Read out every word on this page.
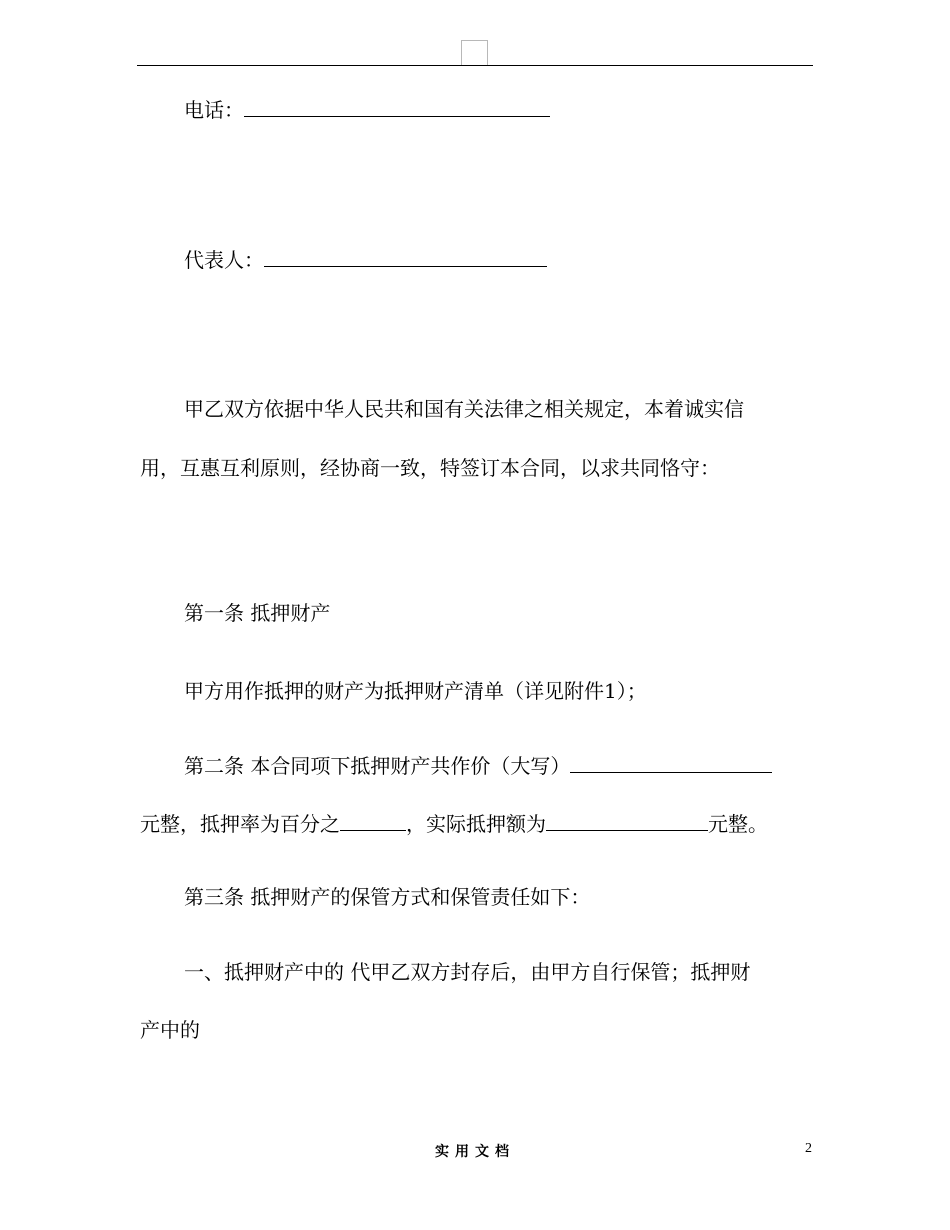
电话：
代表人：
甲乙双方依据中华人民共和国有关法律之相关规定，本着诚实信
用，互惠互利原则，经协商一致，特签订本合同，以求共同恪守：
第一条 抵押财产
甲方用作抵押的财产为抵押财产清单（详见附件1）；
第二条 本合同项下抵押财产共作价（大写）
元整，抵押率为百分之	，实际抵押额为	元整。
第三条 抵押财产的保管方式和保管责任如下：
一、抵押财产中的 代甲乙双方封存后，由甲方自行保管；抵押财
产中的
实用文档	2
